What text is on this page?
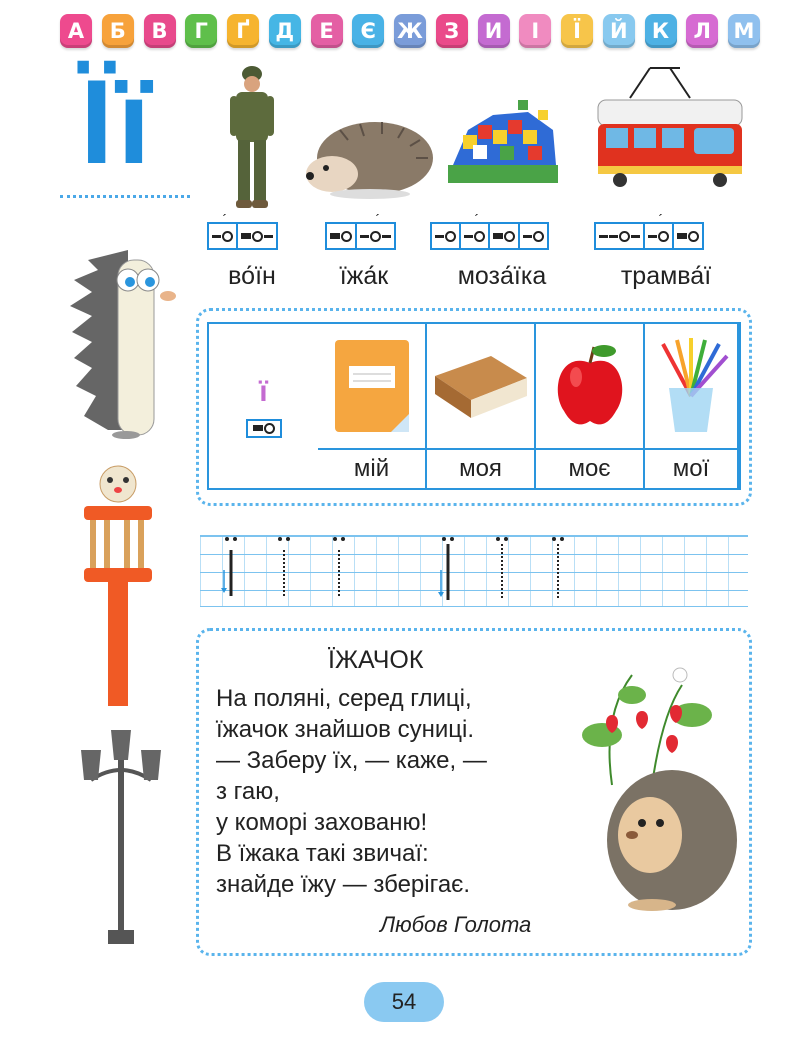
А	Б	В	Г	Ґ	Д	Е	Є	Ж	З	И	І	Ї	Й	К	Л	М
Її
´	´	´	´
во́їн	їжа́к	моза́їка	трамва́ї
ї
мій	моя	моє	мої
ЇЖАЧОК
На поляні, серед глиці,
їжачок знайшов суниці.
— Заберу їх, — каже, —
з гаю,
у коморі захованю!
В їжака такі звичаї:
знайде їжу — зберігає.
Любов Голота
54
